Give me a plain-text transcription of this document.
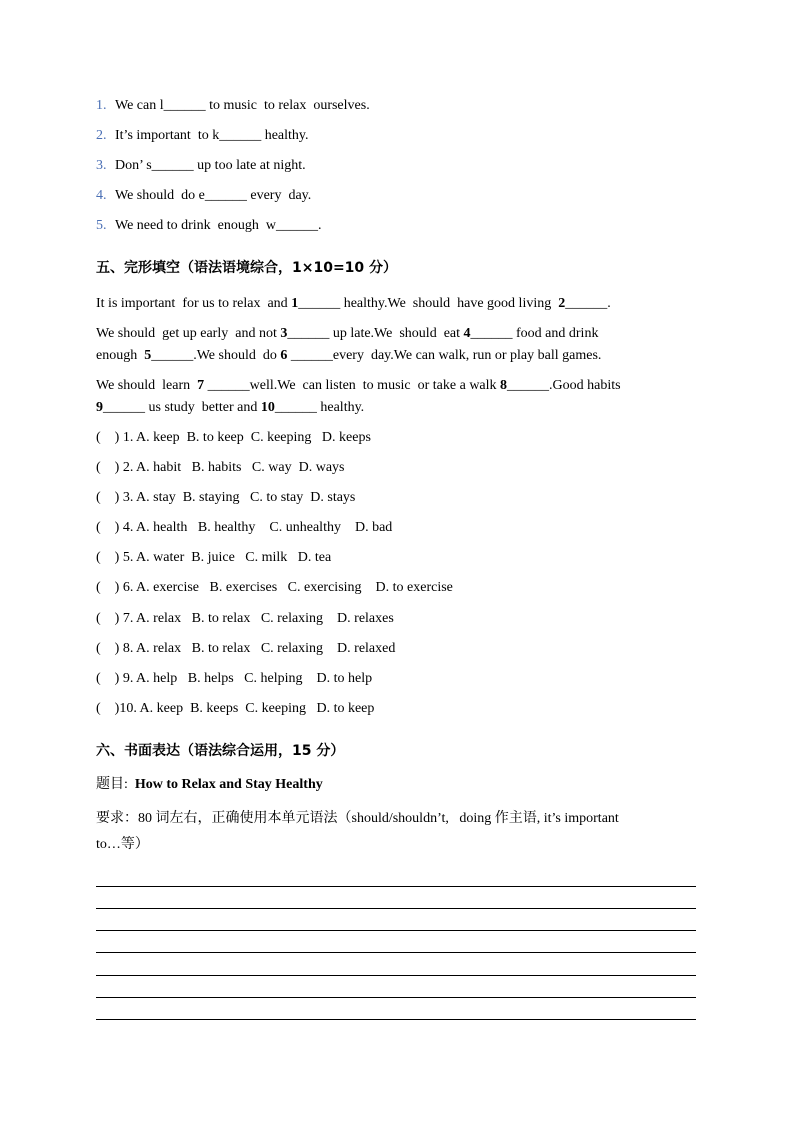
1. We can l______ to music  to relax  ourselves.
2. It’s important  to k______ healthy.
3. Don’ s______ up too late at night.
4. We should  do e______ every  day.
5. We need to drink  enough  w______.
五、完形填空（语法语境综合，1×10=10 分）
It is important  for us to relax  and 1______ healthy.We  should  have good living  2______.
We should  get up early  and not 3______ up late.We  should  eat 4______ food and drink
enough  5______.We should  do 6 ______every  day.We can walk, run or play ball games.
We should  learn  7 ______well.We  can listen  to music  or take a walk 8______.Good habits
9______ us study  better and 10______ healthy.
(    ) 1. A. keep  B. to keep  C. keeping   D. keeps
(    ) 2. A. habit   B. habits   C. way  D. ways
(    ) 3. A. stay  B. staying   C. to stay  D. stays
(    ) 4. A. health   B. healthy    C. unhealthy    D. bad
(    ) 5. A. water  B. juice   C. milk   D. tea
(    ) 6. A. exercise   B. exercises   C. exercising    D. to exercise
(    ) 7. A. relax   B. to relax   C. relaxing    D. relaxes
(    ) 8. A. relax   B. to relax   C. relaxing    D. relaxed
(    ) 9. A. help   B. helps   C. helping    D. to help
(    )10. A. keep  B. keeps  C. keeping   D. to keep
六、书面表达（语法综合运用，15 分）
题目:  How to Relax and Stay Healthy
要求：80 词左右，正确使用本单元语法（should/shouldn’t,   doing 作主语, it’s important
to…等）
